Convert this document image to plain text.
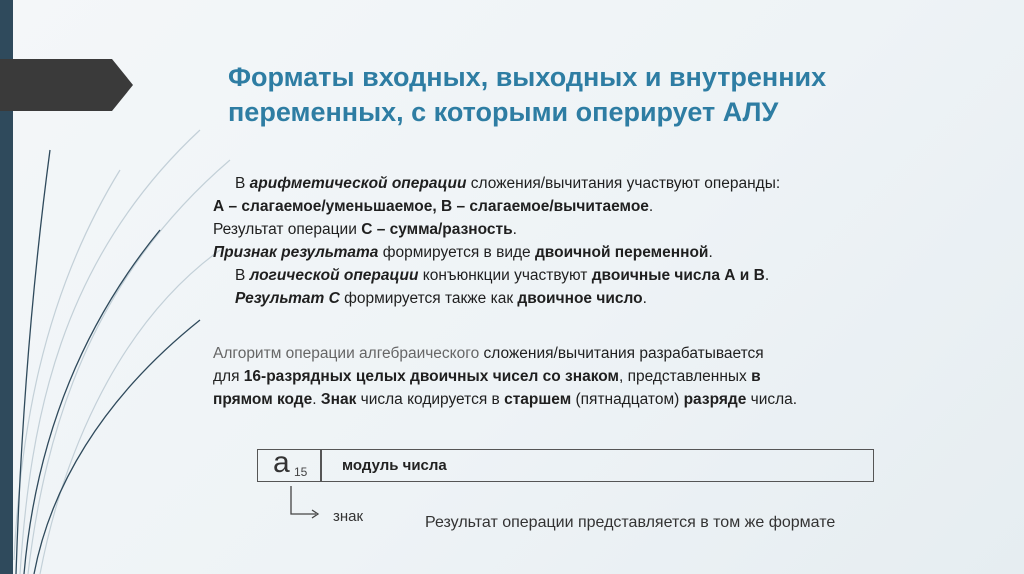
Форматы входных, выходных и внутренних
переменных, с которыми оперирует АЛУ
В арифметической операции сложения/вычитания участвуют операнды:
А – слагаемое/уменьшаемое, В – слагаемое/вычитаемое.
Результат операции С – сумма/разность.
Признак результата формируется в виде двоичной переменной.
В логической операции конъюнкции участвуют двоичные числа А и В.
Результат С формируется также как двоичное число.
Алгоритм операции алгебраического сложения/вычитания разрабатывается
для 16-разрядных целых двоичных чисел со знаком, представленных в
прямом коде. Знак числа кодируется в старшем (пятнадцатом) разряде числа.
a 15 модуль числа
знак	Результат операции представляется в том же формате
